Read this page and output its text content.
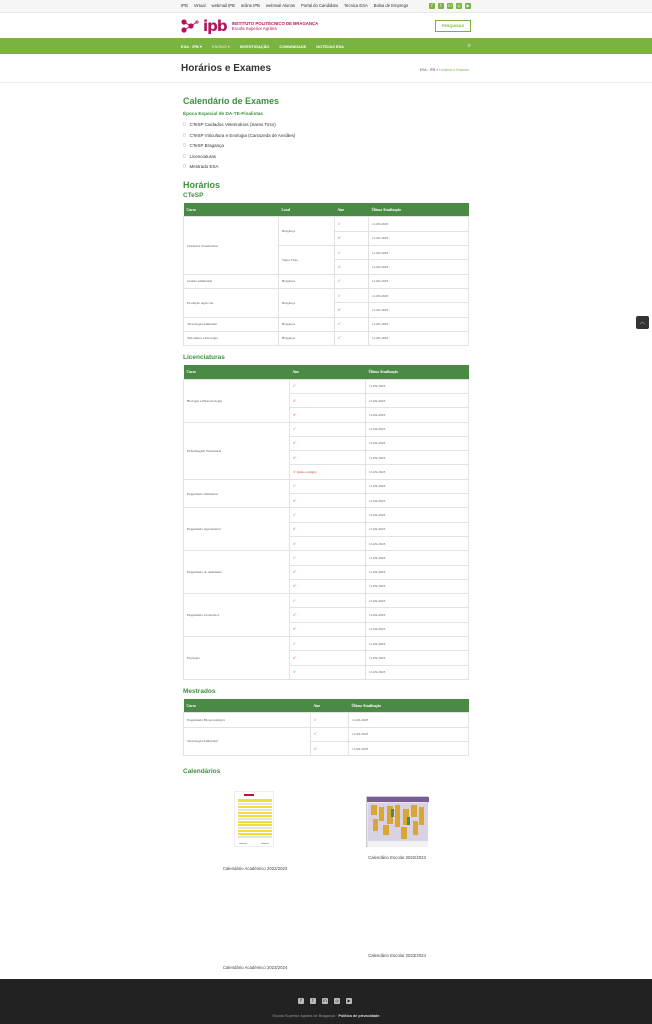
IPB Virtual webmail IPB online.IPB webmail Alunos Portal do Candidato Tecnica ESA Bolsa de Emprego	f	t	in	◎	▶
ipb INSTITUTO POLITÉCNICO DE BRAGANÇA
Escola Superior Agrária	PESQUISAS
ESA · IPB ▾	ENSINO ▾	INVESTIGAÇÃO	COMUNIDADE	NOTÍCIAS ESA	⌕
Horários e Exames	ESA · IPB » Horários e Exames
Calendário de Exames
Época Especial de DA-TE-Finalistas
▯ CTeSP Cuidados Veterinários (Santo Tirso)
▯ CTeSP Viticultura e Enologia (Carrazeda de Ansiães)
▯ CTeSP Bragança
▯ Licenciaturas
▯ Mestrado ESA
Horários
CTeSP
Curso	Local	Ano	Última Atualização
Cuidados Veterinários	Bragança	1º	11-09-2023
		2º	11-09-2023
	Santo Tirso	1º	11-09-2023
		2º	11-09-2023
Gestão Ambiental	Bragança	1º	11-09-2023
Produção Agrícola	Bragança	1º	11-09-2023
		2º	11-09-2023
Tecnologia Alimentar	Bragança	1º	11-09-2023
Viticultura e Enologia	Bragança	1º	11-09-2023
Licenciaturas
Curso	Ano	Última Atualização
Biologia e Biotecnologia	1º	11-09-2023
	2º	11-09-2023
	3º	11-09-2023
Enfermagem Veterinária	1º	11-09-2023
	2º	11-09-2023
	3º	11-09-2023
	3º (plano antigo)	11-09-2023
Engenharia Alimentar	1º	11-09-2023
	3º	11-09-2023
Engenharia Agronómica	1º	11-09-2023
	2º	11-09-2023
	3º	11-09-2023
Engenharia do Ambiente	1º	11-09-2023
	2º	11-09-2023
	3º	11-09-2023
Engenharia Zootécnica	1º	11-09-2023
	2º	11-09-2023
	3º	11-09-2023
Enologia	1º	11-09-2023
	2º	11-09-2023
	3º	11-09-2023
Mestrados
Curso	Ano	Última Atualização
Engenharia Biotecnológica	1º	11-09-2023
Tecnologia Ambiental	1º	11-09-2023
	2º	11-09-2023
Calendários
Calendário Académico 2022/2023
Calendário Escolar 2022/2023
Calendário Académico 2023/2024
Calendário Escolar 2023/2024
︿
f	t	in	◎	▶
Escola Superior Agrária de Bragança · Política de privacidade
